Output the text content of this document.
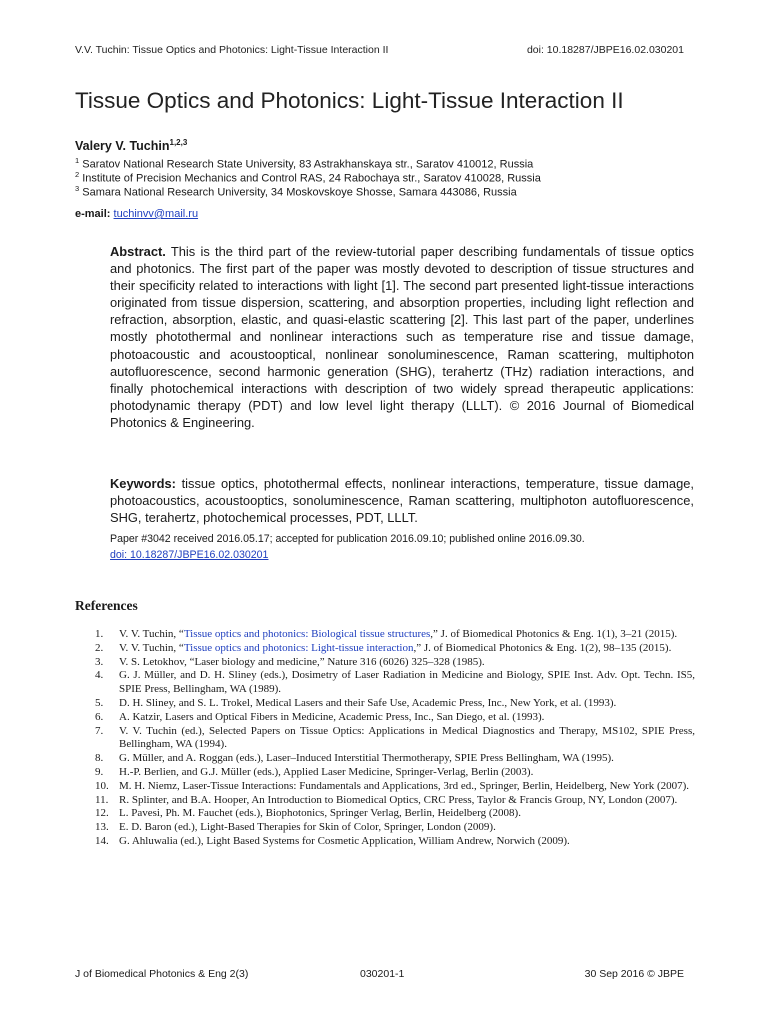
V.V. Tuchin: Tissue Optics and Photonics: Light-Tissue Interaction II	doi: 10.18287/JBPE16.02.030201
Tissue Optics and Photonics: Light-Tissue Interaction II
Valery V. Tuchin$^{1,2,3}$
$^1$ Saratov National Research State University, 83 Astrakhanskaya str., Saratov 410012, Russia
$^2$ Institute of Precision Mechanics and Control RAS, 24 Rabochaya str., Saratov 410028, Russia
$^3$ Samara National Research University, 34 Moskovskoye Shosse, Samara 443086, Russia
e-mail: tuchinvv@mail.ru
Abstract. This is the third part of the review-tutorial paper describing fundamentals of tissue optics and photonics. The first part of the paper was mostly devoted to description of tissue structures and their specificity related to interactions with light [1]. The second part presented light-tissue interactions originated from tissue dispersion, scattering, and absorption properties, including light reflection and refraction, absorption, elastic, and quasi-elastic scattering [2]. This last part of the paper, underlines mostly photothermal and nonlinear interactions such as temperature rise and tissue damage, photoacoustic and acoustooptical, nonlinear sonoluminescence, Raman scattering, multiphoton autofluorescence, second harmonic generation (SHG), terahertz (THz) radiation interactions, and finally photochemical interactions with description of two widely spread therapeutic applications: photodynamic therapy (PDT) and low level light therapy (LLLT). © 2016 Journal of Biomedical Photonics & Engineering.
Keywords: tissue optics, photothermal effects, nonlinear interactions, temperature, tissue damage, photoacoustics, acoustooptics, sonoluminescence, Raman scattering, multiphoton autofluorescence, SHG, terahertz, photochemical processes, PDT, LLLT.
Paper #3042 received 2016.05.17; accepted for publication 2016.09.10; published online 2016.09.30.
doi: 10.18287/JBPE16.02.030201
References
1. V. V. Tuchin, “Tissue optics and photonics: Biological tissue structures,” J. of Biomedical Photonics & Eng. 1(1), 3–21 (2015).
2. V. V. Tuchin, “Tissue optics and photonics: Light-tissue interaction,” J. of Biomedical Photonics & Eng. 1(2), 98–135 (2015).
3. V. S. Letokhov, “Laser biology and medicine,” Nature 316 (6026) 325–328 (1985).
4. G. J. Müller, and D. H. Sliney (eds.), Dosimetry of Laser Radiation in Medicine and Biology, SPIE Inst. Adv. Opt. Techn. IS5, SPIE Press, Bellingham, WA (1989).
5. D. H. Sliney, and S. L. Trokel, Medical Lasers and their Safe Use, Academic Press, Inc., New York, et al. (1993).
6. A. Katzir, Lasers and Optical Fibers in Medicine, Academic Press, Inc., San Diego, et al. (1993).
7. V. V. Tuchin (ed.), Selected Papers on Tissue Optics: Applications in Medical Diagnostics and Therapy, MS102, SPIE Press, Bellingham, WA (1994).
8. G. Müller, and A. Roggan (eds.), Laser–Induced Interstitial Thermotherapy, SPIE Press Bellingham, WA (1995).
9. H.-P. Berlien, and G.J. Müller (eds.), Applied Laser Medicine, Springer-Verlag, Berlin (2003).
10. M. H. Niemz, Laser-Tissue Interactions: Fundamentals and Applications, 3rd ed., Springer, Berlin, Heidelberg, New York (2007).
11. R. Splinter, and B.A. Hooper, An Introduction to Biomedical Optics, CRC Press, Taylor & Francis Group, NY, London (2007).
12. L. Pavesi, Ph. M. Fauchet (eds.), Biophotonics, Springer Verlag, Berlin, Heidelberg (2008).
13. E. D. Baron (ed.), Light-Based Therapies for Skin of Color, Springer, London (2009).
14. G. Ahluwalia (ed.), Light Based Systems for Cosmetic Application, William Andrew, Norwich (2009).
J of Biomedical Photonics & Eng 2(3)	030201-1	30 Sep 2016 © JBPE
